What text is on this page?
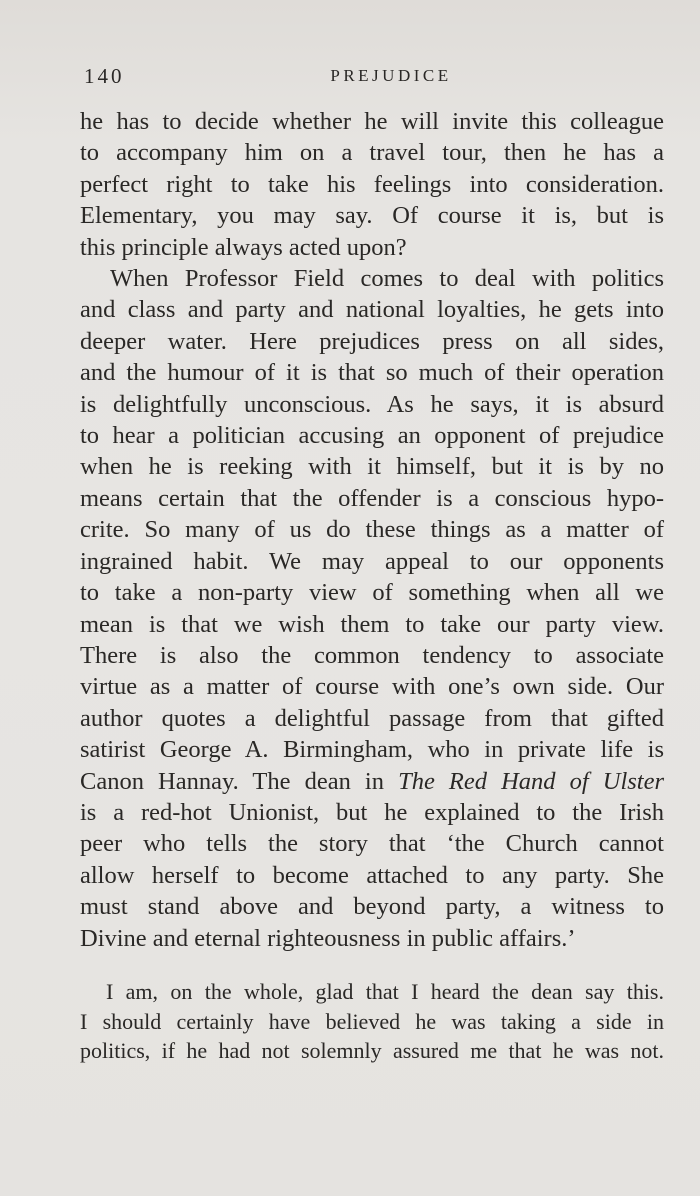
140	PREJUDICE
he has to decide whether he will invite this colleague
to accompany him on a travel tour, then he has a
perfect right to take his feelings into consideration.
Elementary, you may say. Of course it is, but is
this principle always acted upon?
When Professor Field comes to deal with politics
and class and party and national loyalties, he gets into
deeper water. Here prejudices press on all sides,
and the humour of it is that so much of their operation
is delightfully unconscious. As he says, it is absurd
to hear a politician accusing an opponent of prejudice
when he is reeking with it himself, but it is by no
means certain that the offender is a conscious hypo-
crite. So many of us do these things as a matter of
ingrained habit. We may appeal to our opponents
to take a non-party view of something when all we
mean is that we wish them to take our party view.
There is also the common tendency to associate
virtue as a matter of course with one’s own side. Our
author quotes a delightful passage from that gifted
satirist George A. Birmingham, who in private life is
Canon Hannay. The dean in The Red Hand of Ulster
is a red-hot Unionist, but he explained to the Irish
peer who tells the story that ‘the Church cannot
allow herself to become attached to any party. She
must stand above and beyond party, a witness to
Divine and eternal righteousness in public affairs.’
I am, on the whole, glad that I heard the dean say this.
I should certainly have believed he was taking a side in
politics, if he had not solemnly assured me that he was not.
